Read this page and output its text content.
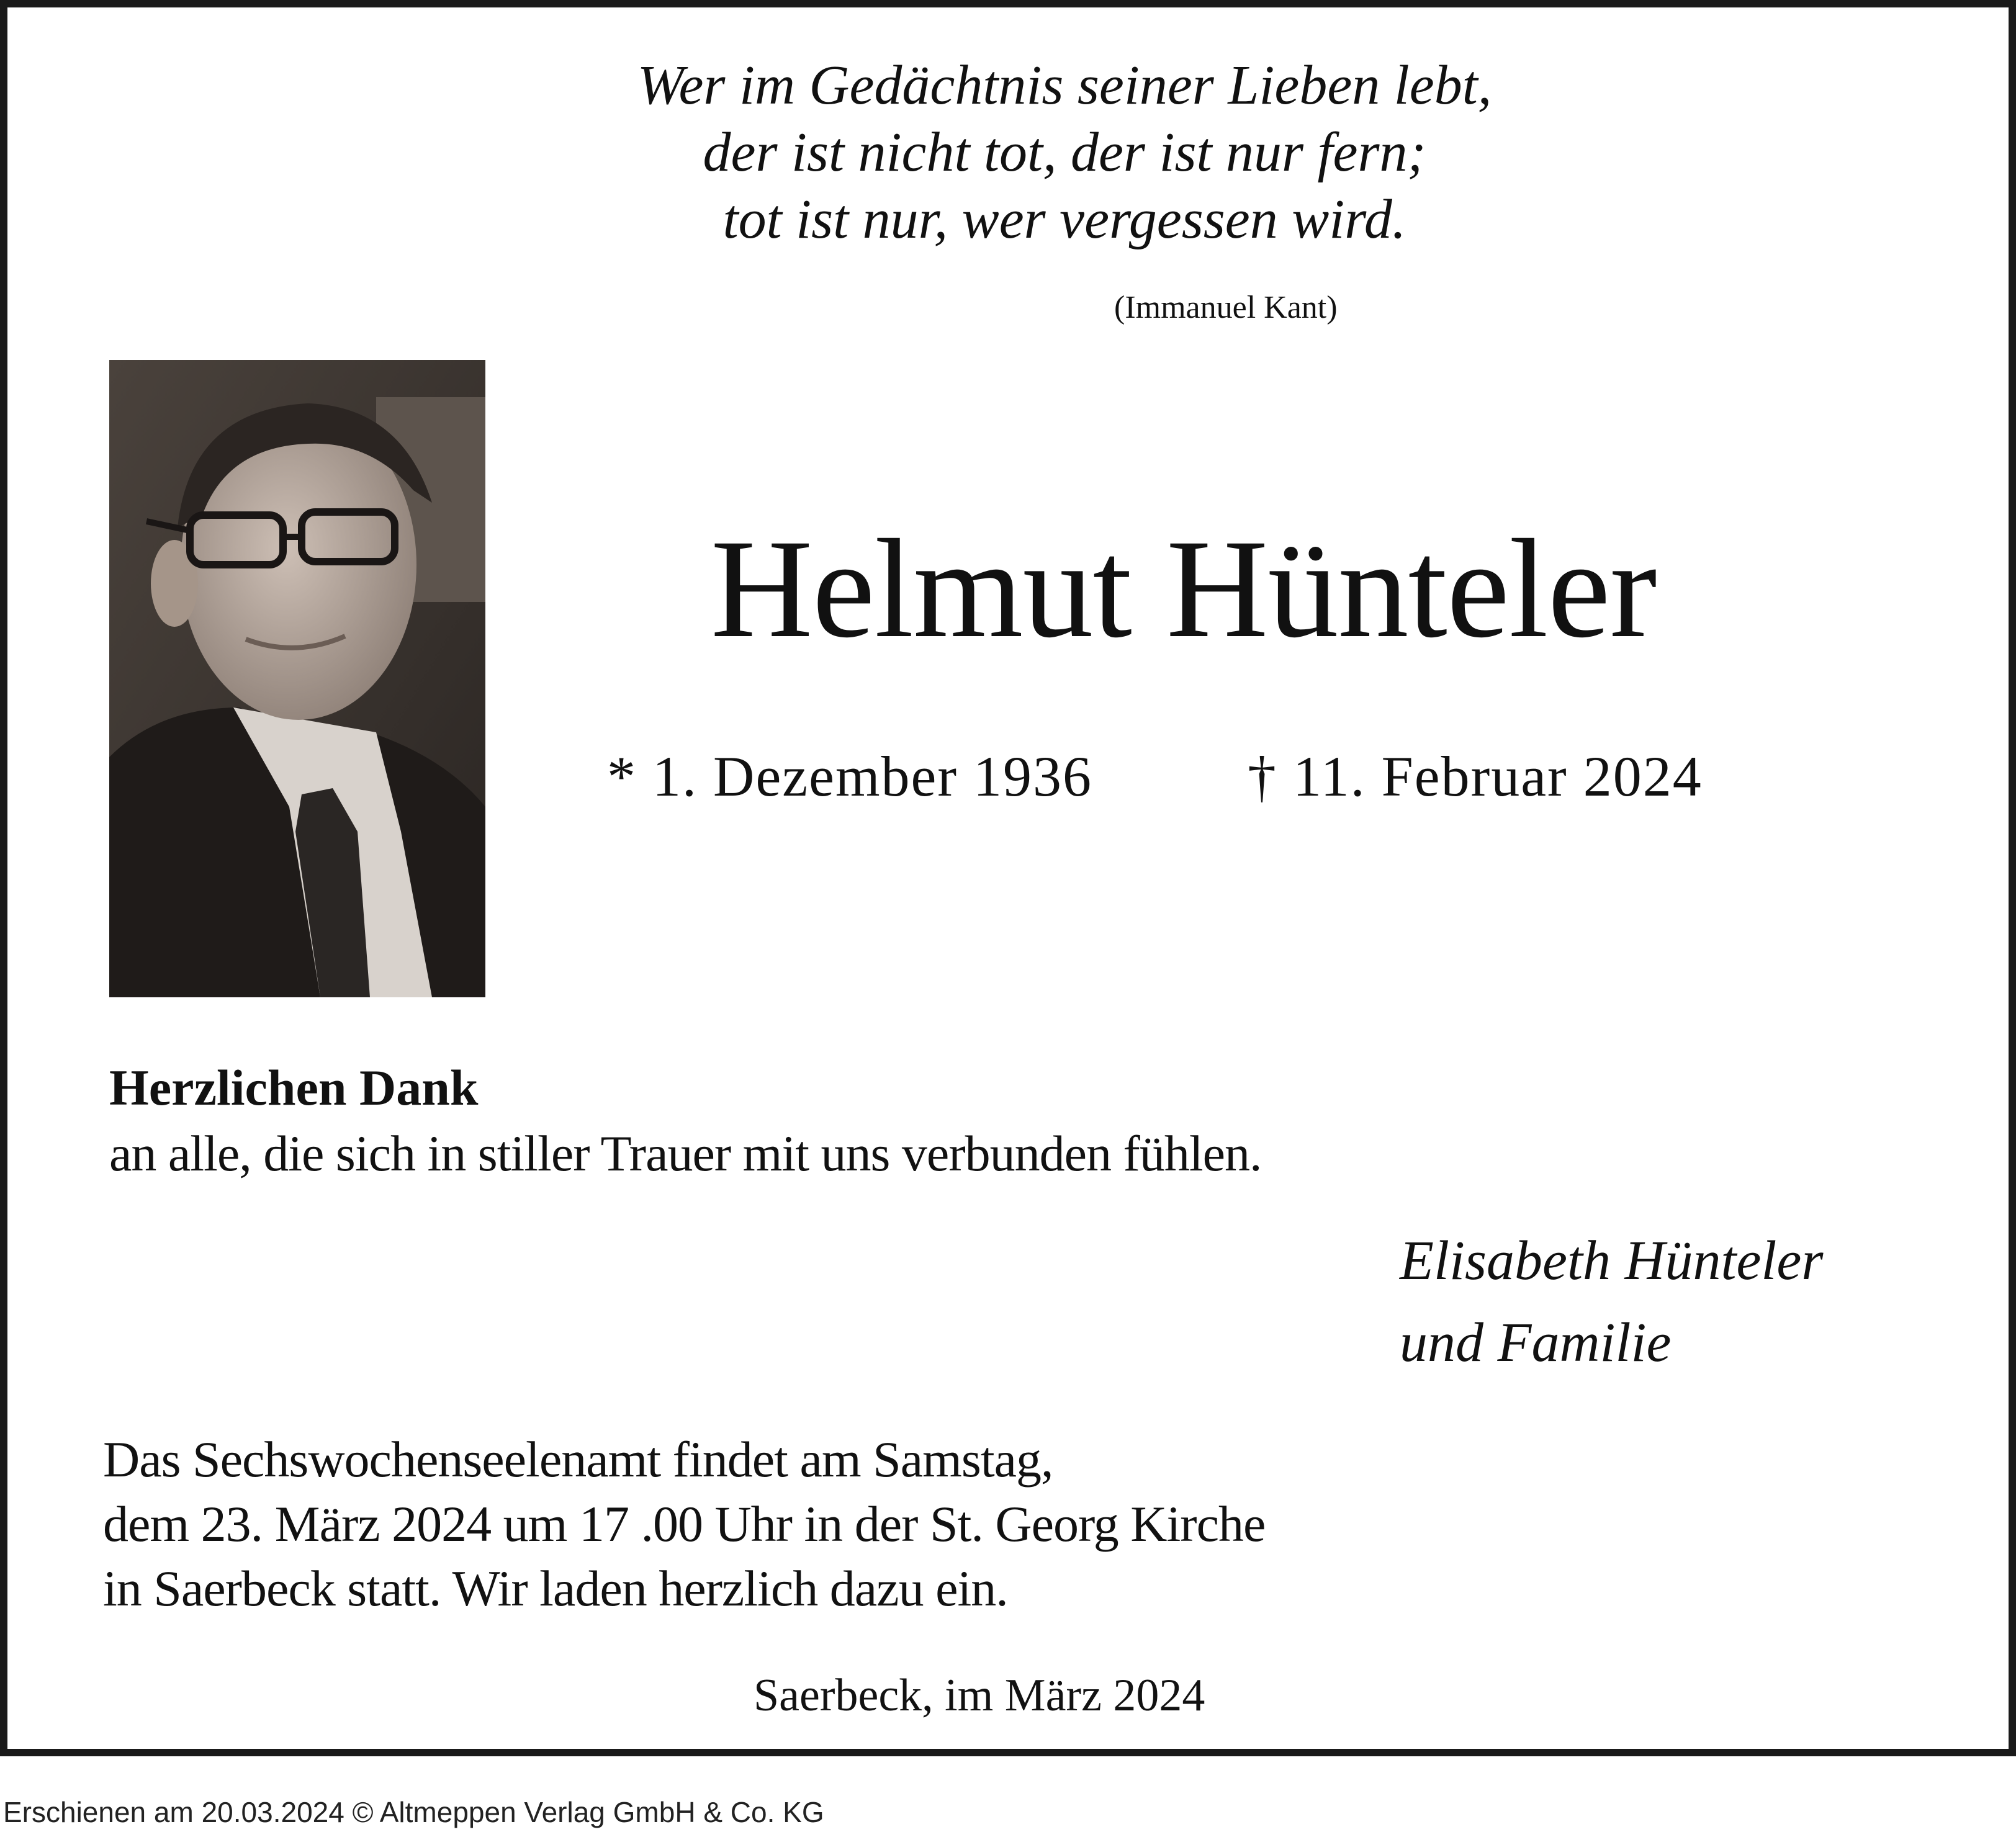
Wer im Gedächtnis seiner Lieben lebt,
der ist nicht tot, der ist nur fern;
tot ist nur, wer vergessen wird.
(Immanuel Kant)
Helmut Hünteler
* 1. Dezember 1936	† 11. Februar 2024
Herzlichen Dank
an alle, die sich in stiller Trauer mit uns verbunden fühlen.
Elisabeth Hünteler
und Familie
Das Sechswochenseelenamt findet am Samstag,
dem 23. März 2024 um 17 .00 Uhr in der St. Georg Kirche
in Saerbeck statt. Wir laden herzlich dazu ein.
Saerbeck, im März 2024
Erschienen am 20.03.2024 © Altmeppen Verlag GmbH & Co. KG
